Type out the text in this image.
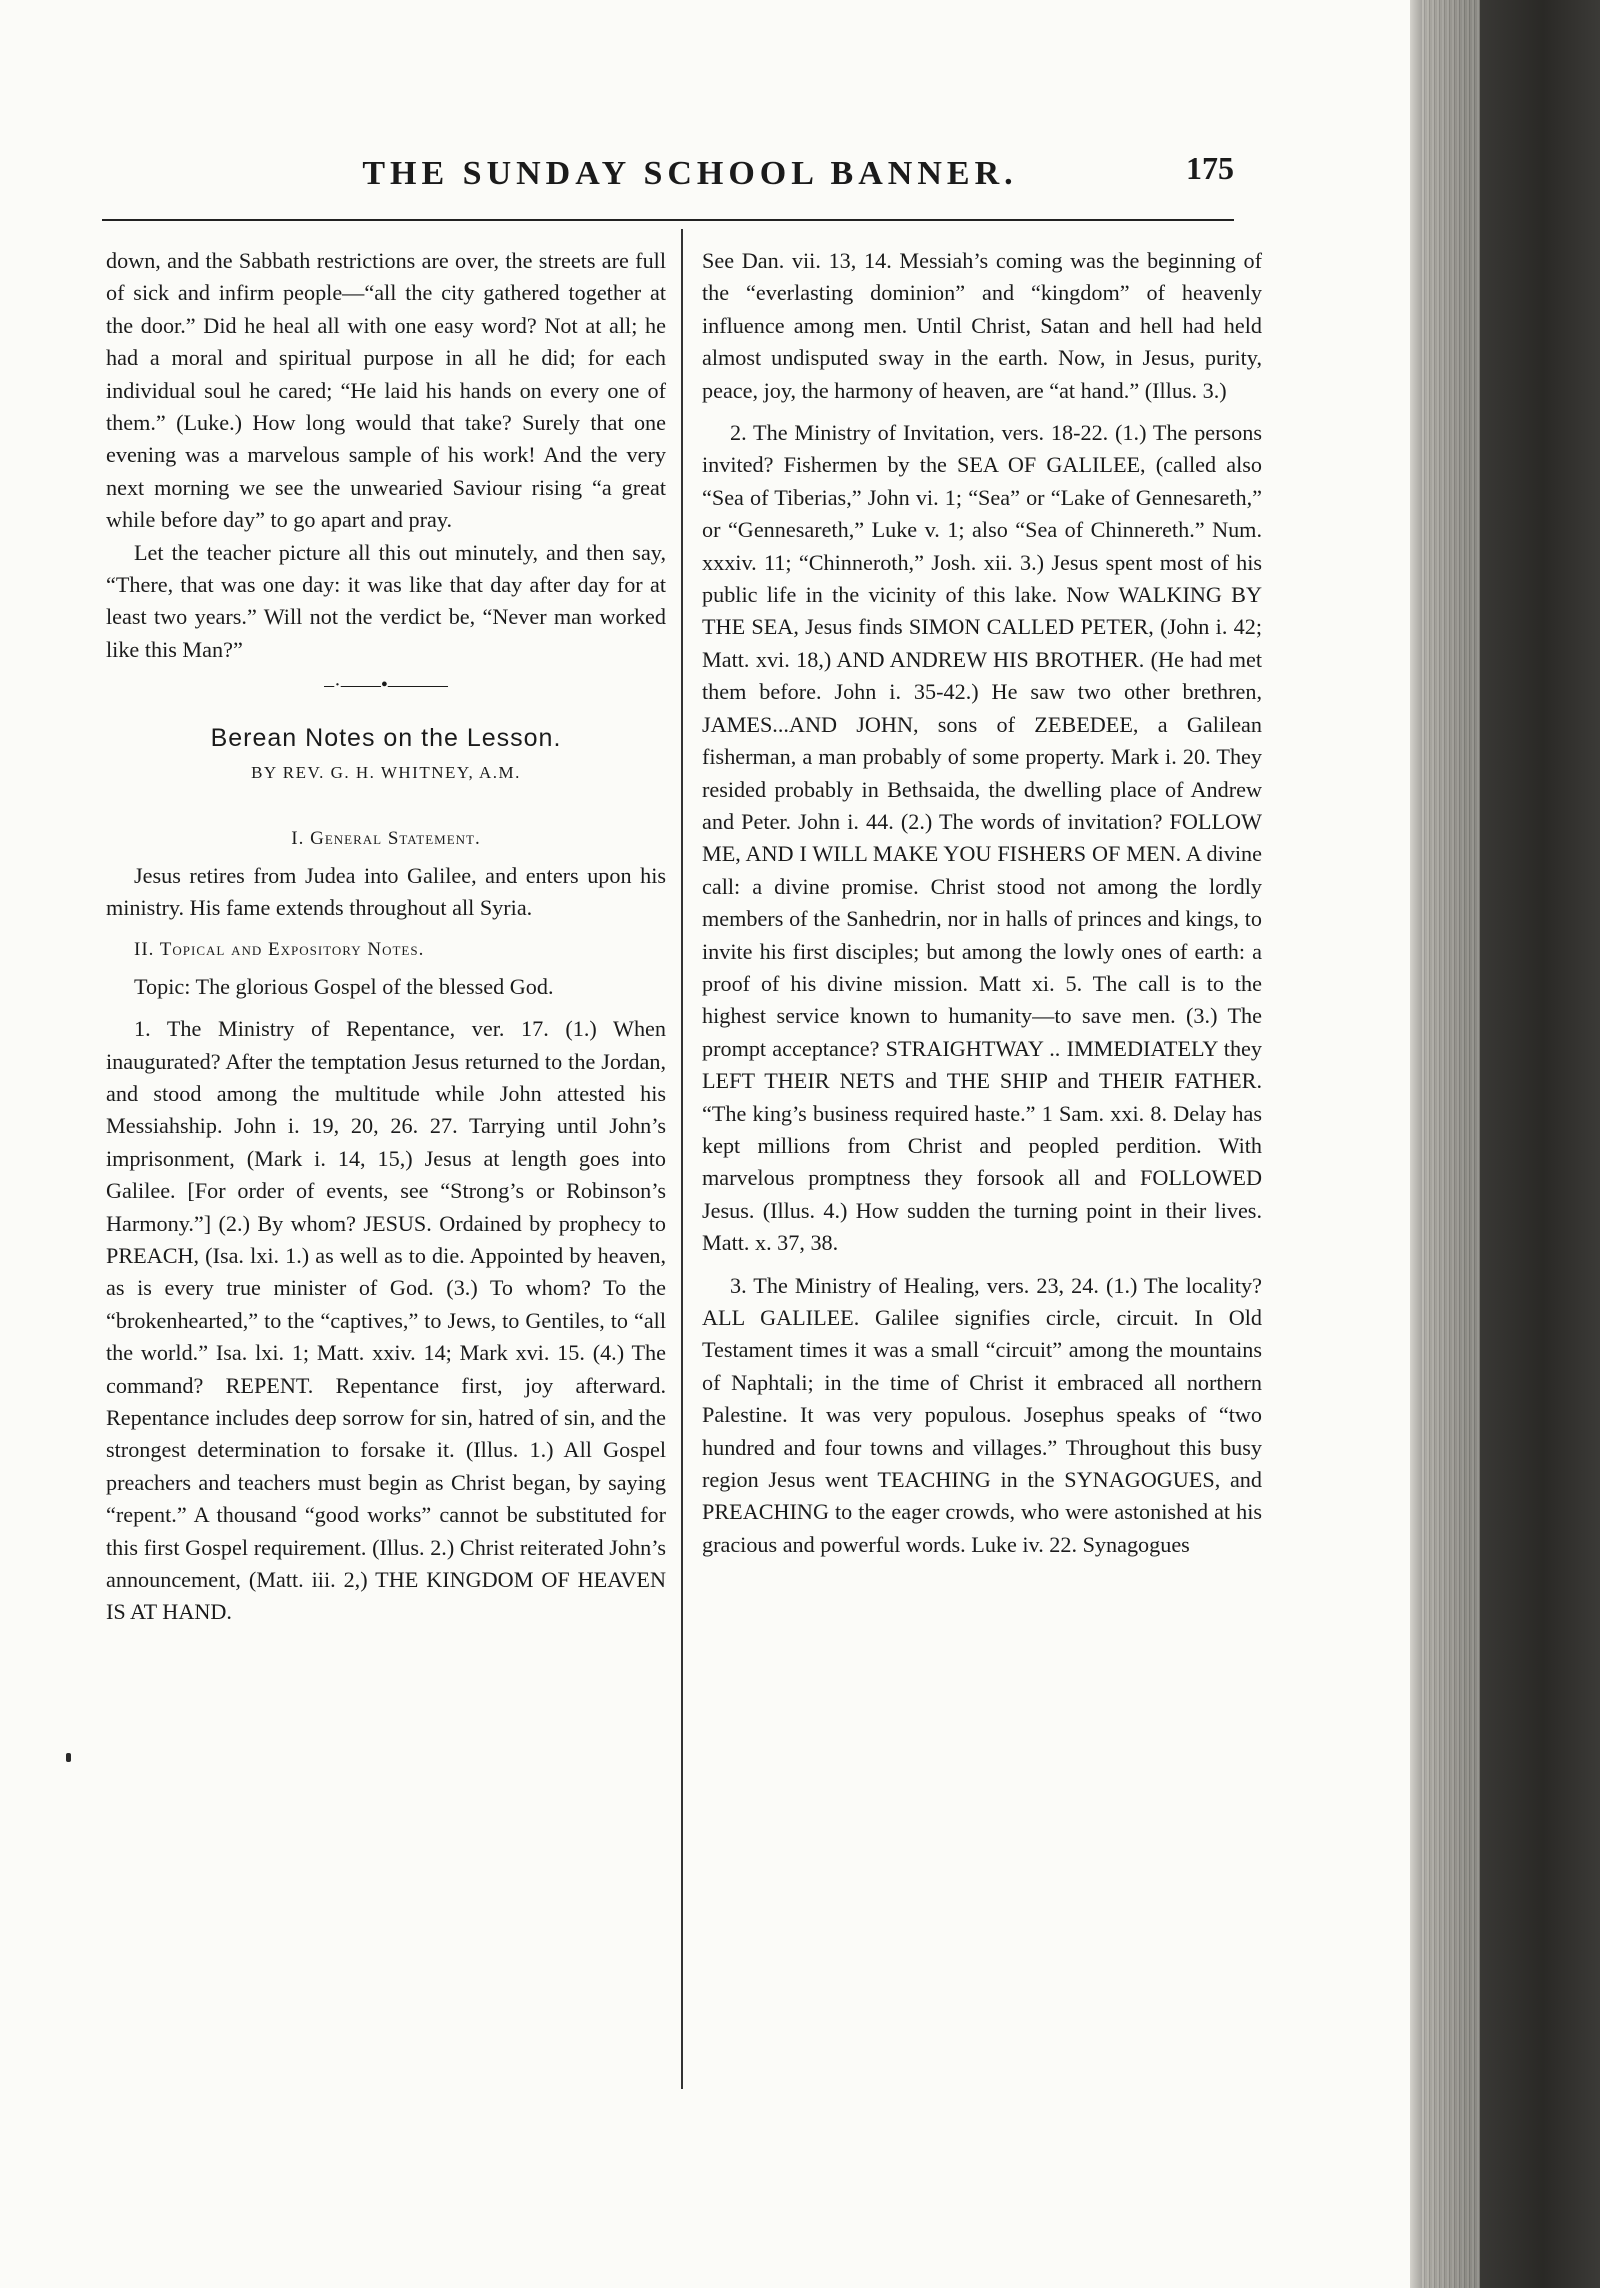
THE SUNDAY SCHOOL BANNER.	175

down, and the Sabbath restrictions are over, the streets are full of sick and infirm people—“all the city gathered together at the door.” Did he heal all with one easy word? Not at all; he had a moral and spiritual purpose in all he did; for each individual soul he cared; “He laid his hands on every one of them.” (Luke.) How long would that take? Surely that one evening was a marvelous sample of his work! And the very next morning we see the unwearied Saviour rising “a great while before day” to go apart and pray.

Let the teacher picture all this out minutely, and then say, “There, that was one day: it was like that day after day for at least two years.” Will not the verdict be, “Never man worked like this Man?”

–·——•———
Berean Notes on the Lesson.
BY REV. G. H. WHITNEY, A.M.
I. General Statement.

Jesus retires from Judea into Galilee, and enters upon his ministry. His fame extends throughout all Syria.

II. Topical and Expository Notes.

Topic: The glorious Gospel of the blessed God.

1. The Ministry of Repentance, ver. 17. (1.) When inaugurated? After the temptation Jesus returned to the Jordan, and stood among the multitude while John attested his Messiahship. John i. 19, 20, 26. 27. Tarrying until John’s imprisonment, (Mark i. 14, 15,) Jesus at length goes into Galilee. [For order of events, see “Strong’s or Robinson’s Harmony.”] (2.) By whom? JESUS. Ordained by prophecy to PREACH, (Isa. lxi. 1.) as well as to die. Appointed by heaven, as is every true minister of God. (3.) To whom? To the “brokenhearted,” to the “captives,” to Jews, to Gentiles, to “all the world.” Isa. lxi. 1; Matt. xxiv. 14; Mark xvi. 15. (4.) The command? REPENT. Repentance first, joy afterward. Repentance includes deep sorrow for sin, hatred of sin, and the strongest determination to forsake it. (Illus. 1.) All Gospel preachers and teachers must begin as Christ began, by saying “repent.” A thousand “good works” cannot be substituted for this first Gospel requirement. (Illus. 2.) Christ reiterated John’s announcement, (Matt. iii. 2,) THE KINGDOM OF HEAVEN IS AT HAND.

See Dan. vii. 13, 14. Messiah’s coming was the beginning of the “everlasting dominion” and “kingdom” of heavenly influence among men. Until Christ, Satan and hell had held almost undisputed sway in the earth. Now, in Jesus, purity, peace, joy, the harmony of heaven, are “at hand.” (Illus. 3.)

2. The Ministry of Invitation, vers. 18-22. (1.) The persons invited? Fishermen by the SEA OF GALILEE, (called also “Sea of Tiberias,” John vi. 1; “Sea” or “Lake of Gennesareth,” or “Gennesareth,” Luke v. 1; also “Sea of Chinnereth.” Num. xxxiv. 11; “Chinneroth,” Josh. xii. 3.) Jesus spent most of his public life in the vicinity of this lake. Now WALKING BY THE SEA, Jesus finds SIMON CALLED PETER, (John i. 42; Matt. xvi. 18,) AND ANDREW HIS BROTHER. (He had met them before. John i. 35-42.) He saw two other brethren, JAMES...AND JOHN, sons of ZEBEDEE, a Galilean fisherman, a man probably of some property. Mark i. 20. They resided probably in Bethsaida, the dwelling place of Andrew and Peter. John i. 44. (2.) The words of invitation? FOLLOW ME, AND I WILL MAKE YOU FISHERS OF MEN. A divine call: a divine promise. Christ stood not among the lordly members of the Sanhedrin, nor in halls of princes and kings, to invite his first disciples; but among the lowly ones of earth: a proof of his divine mission. Matt xi. 5. The call is to the highest service known to humanity—to save men. (3.) The prompt acceptance? STRAIGHTWAY .. IMMEDIATELY they LEFT THEIR NETS and THE SHIP and THEIR FATHER. “The king’s business required haste.” 1 Sam. xxi. 8. Delay has kept millions from Christ and peopled perdition. With marvelous promptness they forsook all and FOLLOWED Jesus. (Illus. 4.) How sudden the turning point in their lives. Matt. x. 37, 38.

3. The Ministry of Healing, vers. 23, 24. (1.) The locality? ALL GALILEE. Galilee signifies circle, circuit. In Old Testament times it was a small “circuit” among the mountains of Naphtali; in the time of Christ it embraced all northern Palestine. It was very populous. Josephus speaks of “two hundred and four towns and villages.” Throughout this busy region Jesus went TEACHING in the SYNAGOGUES, and PREACHING to the eager crowds, who were astonished at his gracious and powerful words. Luke iv. 22. Synagogues
